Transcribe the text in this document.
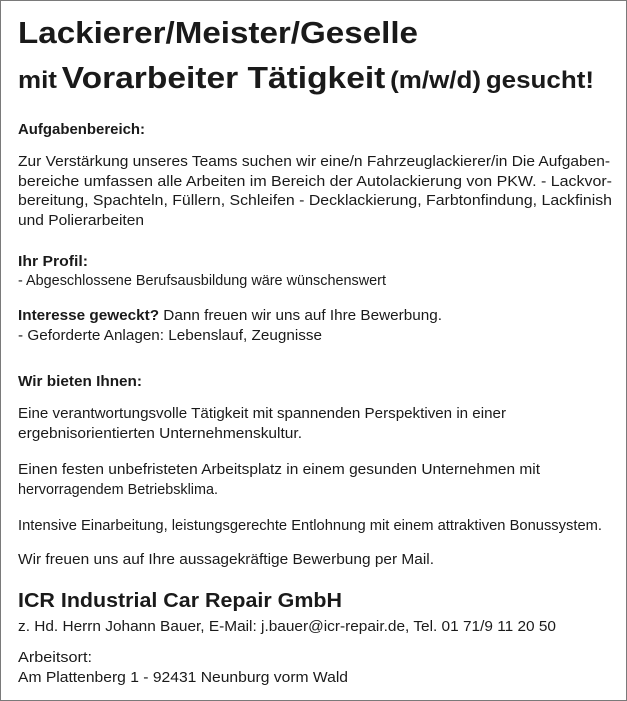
Lackierer/Meister/Geselle
mit Vorarbeiter Tätigkeit (m/w/d) gesucht!
Aufgabenbereich:
Zur Verstärkung unseres Teams suchen wir eine/n Fahrzeuglackierer/in Die Aufgaben-
bereiche umfassen alle Arbeiten im Bereich der Autolackierung von PKW. - Lackvor-
bereitung, Spachteln, Füllern, Schleifen - Decklackierung, Farbtonfindung, Lackfinish
und Polierarbeiten
Ihr Profil:
- Abgeschlossene Berufsausbildung wäre wünschenswert
Interesse geweckt? Dann freuen wir uns auf Ihre Bewerbung.
- Geforderte Anlagen: Lebenslauf, Zeugnisse
Wir bieten Ihnen:
Eine verantwortungsvolle Tätigkeit mit spannenden Perspektiven in einer
ergebnisorientierten Unternehmenskultur.
Einen festen unbefristeten Arbeitsplatz in einem gesunden Unternehmen mit
hervorragendem Betriebsklima.
Intensive Einarbeitung, leistungsgerechte Entlohnung mit einem attraktiven Bonussystem.
Wir freuen uns auf Ihre aussagekräftige Bewerbung per Mail.
ICR Industrial Car Repair GmbH
z. Hd. Herrn Johann Bauer, E-Mail: j.bauer@icr-repair.de, Tel. 01 71/9 11 20 50
Arbeitsort:
Am Plattenberg 1 - 92431 Neunburg vorm Wald
